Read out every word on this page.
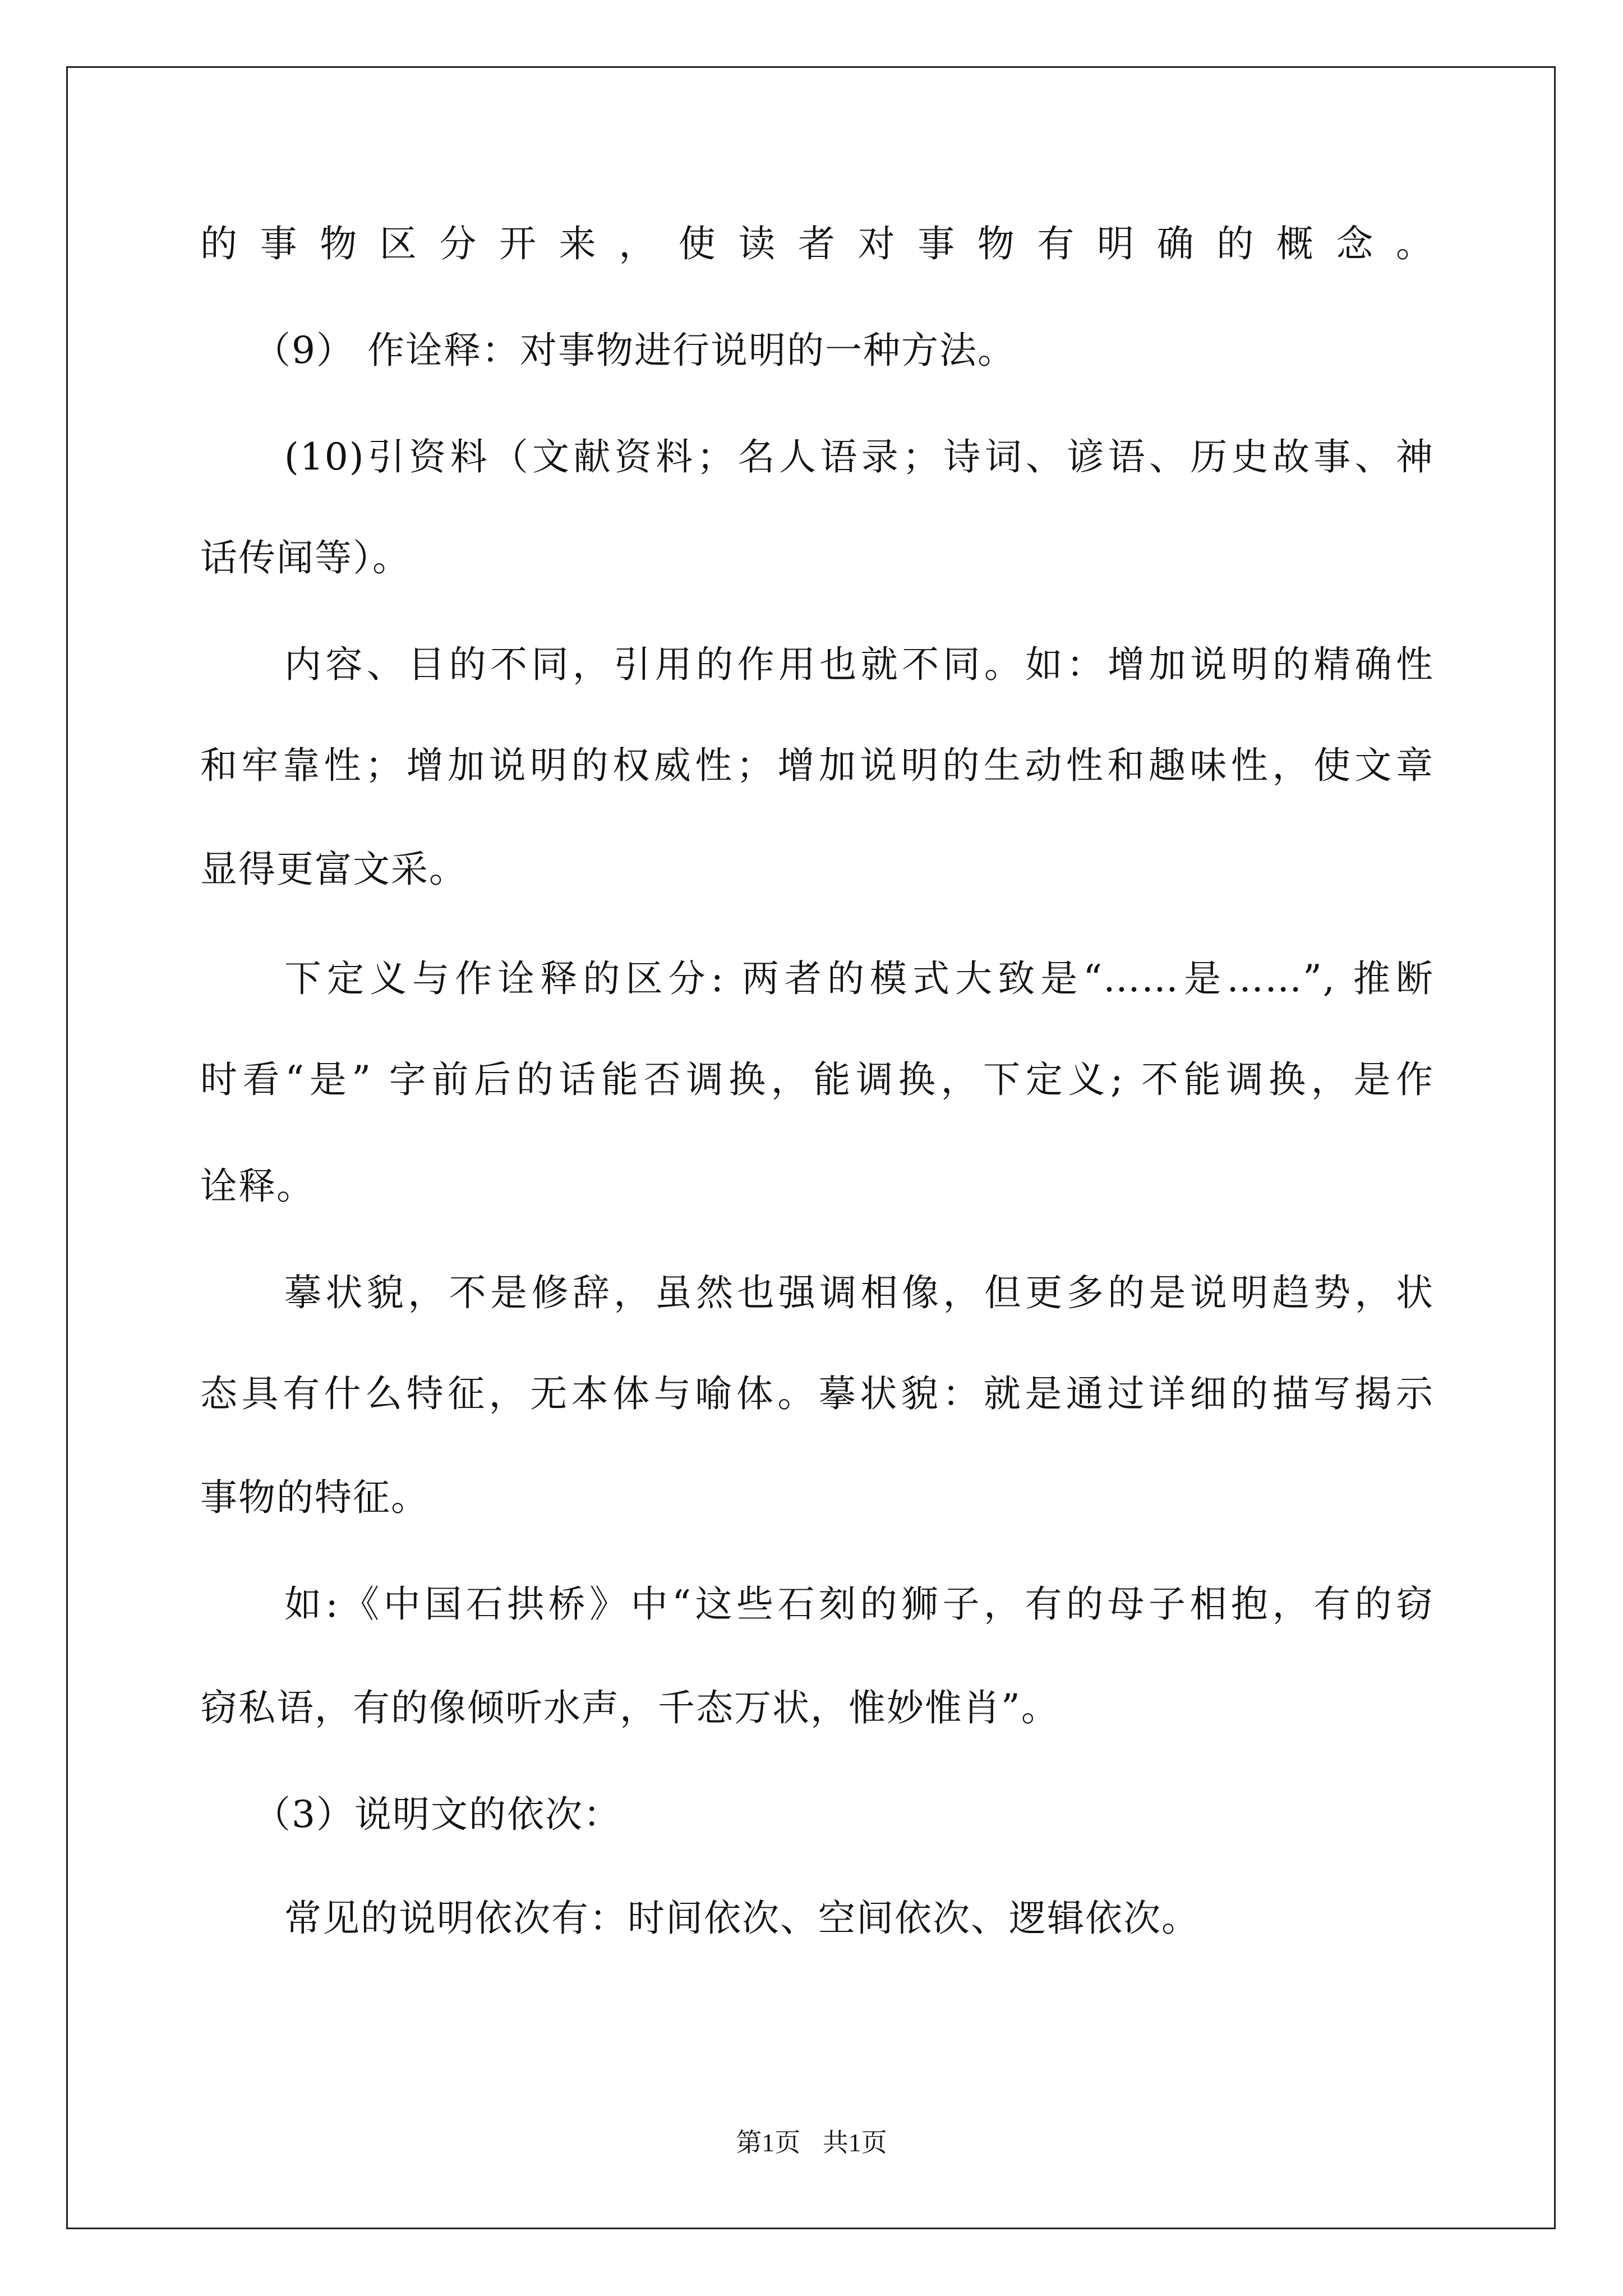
的事物区分开来，使读者对事物有明确的概念。
（9） 作诠释：对事物进行说明的一种方法。
(10)引资料（文献资料；名人语录；诗词、谚语、历史故事、神
话传闻等）。
内容、目的不同，引用的作用也就不同。如：增加说明的精确性
和牢靠性；增加说明的权威性；增加说明的生动性和趣味性，使文章
显得更富文采。
下定义与作诠释的区分: 两者的模式大致是“……是……”, 推断
时看“是” 字前后的话能否调换，能调换，下定义; 不能调换，是作
诠释。
摹状貌，不是修辞，虽然也强调相像，但更多的是说明趋势，状
态具有什么特征，无本体与喻体。摹状貌：就是通过详细的描写揭示
事物的特征。
如:《中国石拱桥》中“这些石刻的狮子，有的母子相抱，有的窃
窃私语，有的像倾听水声，千态万状，惟妙惟肖”。
（3）说明文的依次：
常见的说明依次有：时间依次、空间依次、逻辑依次。
第1页 共1页
